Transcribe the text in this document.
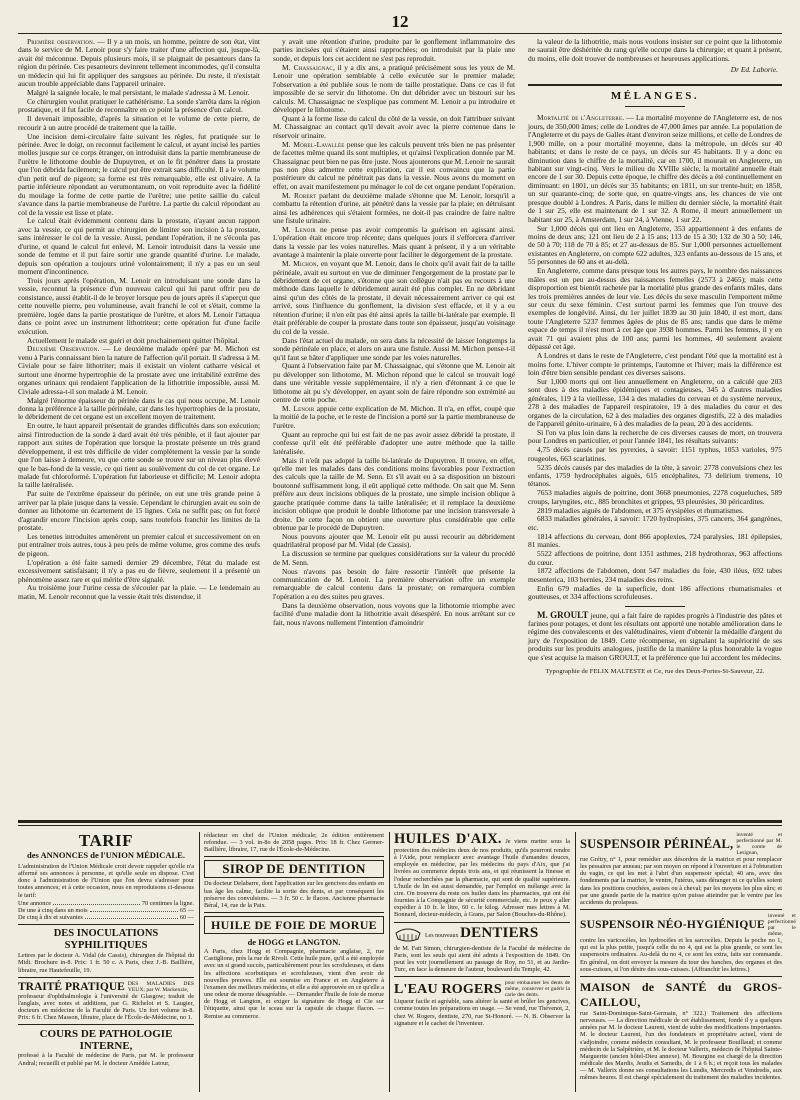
12

Première observation. — Il y a un mois, un homme, peintre de son état, vint dans le service de M. Lenoir pour s'y faire traiter d'une affection qui, jusque-là, avait été méconnue. Depuis plusieurs mois, il se plaignait de pesanteurs dans la région du périnée. Ces pesanteurs devinrent tellement incommodes, qu'il consulta un médecin qui lui fit appliquer des sangsues au périnée. Du reste, il n'existait aucun trouble appréciable dans l'appareil urinaire.

Malgré la saignée locale, le mal persistant, le malade s'adressa à M. Lenoir.

Ce chirurgien voulut pratiquer le cathétérisme. La sonde s'arrêta dans la région prostatique, et il fut facile de reconnaître en ce point la présence d'un calcul.

Il devenait impossible, d'après la situation et le volume de cette pierre, de recourir à un autre procédé de traitement que la taille.

Une incision demi-circulaire faite suivant les règles, fut pratiquée sur le périnée. Avec le doigt, on reconnut facilement le calcul, et ayant incisé les parties molles jusque sur ce corps étranger, on introduisit dans la partie membraneuse de l'urètre le lithotome double de Dupuytren, et on le fit pénétrer dans la prostate que l'on débrida facilement; le calcul put être extrait sans difficulté. Il a le volume d'un petit œuf de pigeon; sa forme est très remarquable, elle est olivaire. A la partie inférieure répondant au verumontanum, on voit reproduite avec la fidélité du moulage la forme de cette partie de l'urètre; une petite saillie du calcul s'avance dans la partie membraneuse de l'urètre. La partie du calcul répondant au col de la vessie est lisse et plate.

Le calcul était évidemment contenu dans la prostate, n'ayant aucun rapport avec la vessie, ce qui permit au chirurgien de limiter son incision à la prostate, sans intéresser le col de la vessie. Aussi, pendant l'opération, il ne s'écoula pas d'urine, et quand le calcul fut enlevé, M. Lenoir introduisit dans la vessie une sonde de femme et il put faire sortir une grande quantité d'urine. Le malade, depuis son opération a toujours uriné volontairement; il n'y a pas eu un seul moment d'incontinence.

Trois jours après l'opération, M. Lenoir en introduisant une sonde dans la vessie, reconnut la présence d'un nouveau calcul qui lui parut offrir peu de consistance, aussi établit-il de le broyer lorsque peu de jours après il s'aperçut que cette nouvelle pierre, peu volumineuse, avait franchi le col et s'était, comme la première, logée dans la partie prostatique de l'urètre, et alors M. Lenoir l'attaqua dans ce point avec un instrument lithotriteur; cette opération fut d'une facile exécution.

Actuellement le malade est guéri et doit prochainement quitter l'hôpital.

Deuxième Observation. — Le deuxième malade opéré par M. Michon est venu à Paris connaissant bien la nature de l'affection qu'il portait. Il s'adressa à M. Civiale pour se faire lithotriter; mais il existait un violent catharre vésical et surtout une énorme hypertrophie de la prostate avec une irritabilité extrême des organes urinaux qui rendaient l'application de la lithotritie impossible, aussi M. Civiale adressa-t-il son malade à M. Lenoir.

Malgré l'énorme épaisseur du périnée dans le cas qui nous occupe, M. Lenoir donna la préférence à la taille périnéale, car dans les hypertrophies de la prostate, le débridement de cet organe est un excellent moyen de traitement.

En outre, le haut appareil présentait de grandes difficultés dans son exécution; ainsi l'introduction de la sonde à dard avait été très pénible, et il faut ajouter par rapport aux suites de l'opération que lorsque la prostate présente un très grand développement, il est très difficile de vider complètement la vessie par la sonde que l'on laisse à demeure, vu que cette sonde se trouve sur un niveau plus élevé que le bas-fond de la vessie, ce qui tient au soulèvement du col de cet organe. Le malade fut chloroformé. L'opération fut laborieuse et difficile; M. Lenoir adopta la taille latéralisée.

Par suite de l'extrême épaisseur du périnée, on eut une très grande peine à arriver par la plaie jusque dans la vessie. Cependant le chirurgien avait eu soin de donner au lithotome un écartement de 15 lignes. Cela ne suffit pas; on fut forcé d'agrandir encore l'incision après coup, sans toutefois franchir les limites de la prostate.

Les tenettes introduites amenèrent un premier calcul et successivement on en put entraîner trois autres, tous à peu près de même volume, gros comme des œufs de pigeon.

L'opération a été faite samedi dernier 29 décembre, l'état du malade est excessivement satisfaisant; il n'y a pas eu de fièvre, seulement il a présenté un phénomène assez rare et qui mérite d'être signalé.

Au troisième jour l'urine cessa de s'écouler par la plaie. — Le lendemain au matin, M. Lenoir reconnut que la vessie était très distendue, il

y avait une rétention d'urine, produite par le gonflement inflammatoire des parties incisées qui s'étaient ainsi rapprochées; on introduisit par la plaie une sonde, et depuis lors cet accident ne s'est pas reproduit.

M. Chassaignac, il y a dix ans, a pratiqué précisément sous les yeux de M. Lenoir une opération semblable à celle exécutée sur le premier malade; l'observation a été publiée sous le nom de taille prostatique. Dans ce cas il fut impossible de se servir du lithotome. On dut débrider avec un bistouri sur les calculs. M. Chassaignac ne s'explique pas comment M. Lenoir a pu introduire et développer le lithotome.

Quant à la forme lisse du calcul du côté de la vessie, on doit l'attribuer suivant M. Chassaignac au contact qu'il devait avoir avec la pierre contenue dans le réservoir urinaire.

M. Morel-Lavallée pense que les calculs peuvent très bien ne pas présenter de facettes même quand ils sont multiples, et qu'ainsi l'explication donnée par M. Chassaignac peut bien ne pas être juste. Nous ajouterons que M. Lenoir ne saurait pas non plus admettre cette explication, car il est convaincu que la partie postérieure du calcul ne pénétrait pas dans la vessie. Nous avons du moment en effet, on avait manifestement pu ménager le col de cet organe pendant l'opération.

M. Robert parlant du deuxième malade s'étonne que M. Lenoir, lorsqu'il a combattu la rétention d'urine, ait pénétré dans la vessie par la plaie; en détruisant ainsi les adhérences qui s'étaient formées, ne doit-il pas craindre de faire naître une fistule urinaire.

M. Lenoir ne pense pas avoir compromis la guérison en agissant ainsi. L'opération était encore trop récente; dans quelques jours il s'efforcera d'arriver dans la vessie par les voies naturelles. Mais quant à présent, il y a un véritable avantage à maintenir la plaie ouverte pour faciliter le dégorgement de la prostate.

M. Michon, en voyant que M. Lenoir, dans le choix qu'il avait fait de la taille périnéale, avait eu surtout en vue de diminuer l'engorgement de la prostate par le débridement de cet organe, s'étonne que son collègue n'ait pas eu recours à une méthode dans laquelle le débridement aurait été plus complet. En ne débridant ainsi qu'un des côtés de la prostate, il devait nécessairement arriver ce qui est arrivé, sous l'influence du gonflement, la division s'est effacée, et il y a eu rétention d'urine; il n'en eût pas été ainsi après la taille bi-latérale par exemple. Il était préférable de couper la prostate dans toute son épaisseur, jusqu'au voisinage du col de la vessie.

Dans l'état actuel du malade, on sera dans la nécessité de laisser longtemps la sonde périnéale en place, et alors on aura une fistule. Aussi M. Michon pense-t-il qu'il faut se hâter d'appliquer une sonde par les voies naturelles.

Quant à l'observation faite par M. Chassaignac, qui s'étonne que M. Lenoir ait pu développer son lithotome, M. Michon répond que le calcul se trouvait logé dans une véritable vessie supplémentaire, il n'y a rien d'étonnant à ce que le lithotome ait pu s'y développer, en ayant soin de faire répondre son extrémité au centre de cette poche.

M. Lenoir appuie cette explication de M. Michon. Il n'a, en effet, coupé que la moitié de la poche, et le reste de l'incision a porté sur la partie membraneuse de l'urètre.

Quant au reproche qui lui est fait de ne pas avoir assez débridé la prostate, il confesse qu'il eût été préférable d'adopter une autre méthode que la taille latéralisée.

Mais il n'eût pas adopté la taille bi-latérale de Dupuytren. Il trouve, en effet, qu'elle met les malades dans des conditions moins favorables pour l'extraction des calculs que la taille de M. Senn. Et s'il avait eu à sa disposition un bistouri boutonné suffisamment long, il eût appliqué cette méthode. On sait que M. Senn préfère aux deux incisions obliques de la prostate, une simple incision oblique à gauche pratiquée comme dans la taille latéralisée; et il remplace la deuxième incision oblique que produit le double lithotome par une incision transversale à droite. De cette façon on obtient une ouverture plus considérable que celle obtenue par le procédé de Dupuytren.

Nous pouvons ajouter que M. Lenoir eût pu aussi recourir au débridement quadrilatéral proposé par M. Vidal (de Cassis).

La discussion se termine par quelques considérations sur la valeur du procédé de M. Senn.

Nous n'avons pas besoin de faire ressortir l'intérêt que présente la communication de M. Lenoir. La première observation offre un exemple remarquable de calcul contenu dans la prostate; on remarquera combien l'opération a eu des suites peu graves.

Dans la deuxième observation, nous voyons que la lithotomie triomphe avec facilité d'une maladie dont la lithotritie avait désespéré. En nous arrêtant sur ce fait, nous n'avons nullement l'intention d'amoindrir

la valeur de la lithotritie, mais nous voulons insister sur ce point que la lithotomie ne saurait être déshéritée du rang qu'elle occupe dans la chirurgie; et quant à présent, du moins, elle doit trouver de nombreuses et heureuses applications.

Dr Ed. Laborie.
MÉLANGES.

Mortalité de l'Angleterre. — La mortalité moyenne de l'Angleterre est, de nos jours, de 350,000 âmes; celle de Londres de 47,000 âmes par année. La population de l'Angleterre et du pays de Galles étant d'environ seize millions, et celle de Londres de 1,900 mille, on a pour mortalité moyenne, dans la métropole, un décès sur 40 habitants; et dans le reste de ce pays, un décès sur 45 habitants. Il y a donc eu diminution dans le chiffre de la mortalité, car en 1700, il mourait en Angleterre, un habitant sur vingt-cinq. Vers le milieu du XVIIIe siècle, la mortalité annuelle était encore de 1 sur 30. Depuis cette époque, le chiffre des décès a été continuellement en diminuant: en 1801, un décès sur 35 habitants; en 1811, un sur trente-huit; en 1858, un sur quarante-cinq; de sorte que, en quatre-vingts ans, les chances de vie ont presque doublé à Londres. A Paris, dans le milieu du dernier siècle, la mortalité était de 1 sur 25, elle est maintenant de 1 sur 32. A Rome, il meurt annuellement un habitant sur 25, à Amsterdam, 1 sur 24, à Vienne, 1 sur 22.

Sur 1,000 décès qui ont lieu en Angleterre, 353 appartiennent à des enfants de moins de deux ans; 121 ont lieu de 2 à 15 ans; 113 de 15 à 30; 132 de 30 à 50; 146, de 50 à 70; 118 de 70 à 85; et 27 au-dessus de 85. Sur 1,000 personnes actuellement existantes en Angleterre, on compte 622 adultes, 323 enfants au-dessous de 15 ans, et 55 personnes de 60 ans et au-delà.

En Angleterre, comme dans presque tous les autres pays, le nombre des naissances mâles est un peu au-dessus des naissances femelles (2573 à 2465); mais cette disproportion est bientôt rachetée par la mortalité plus grande des enfants mâles, dans les trois premières années de leur vie. Les décès du sexe masculin l'emportent même sur ceux du sexe féminin. C'est surtout parmi les femmes que l'on trouve des exemples de longévité. Ainsi, du 1er juillet 1839 au 30 juin 1840, il est mort, dans toute l'Angleterre 5237 femmes âgées de plus de 85 ans; tandis que dans le même espace de temps il n'est mort à cet âge que 3938 hommes. Parmi les femmes, il y en avait 71 qui avaient plus de 100 ans; parmi les hommes, 40 seulement avaient dépassé cet âge.

A Londres et dans le reste de l'Angleterre, c'est pendant l'été que la mortalité est à moins forte. L'hiver compte le printemps, l'automne et l'hiver; mais la différence est loin d'être bien sensible pendant ces diverses saisons.

Sur 1,000 morts qui ont lieu annuellement en Angleterre, on a calculé que 203 sont dues à des maladies épidémiques et contagieuses, 345 à d'autres maladies générales, 119 à la vieillesse, 134 à des maladies du cerveau et du système nerveux, 278 à des maladies de l'appareil respiratoire, 19 à des maladies du cœur et des organes de la circulation, 62 à des maladies des organes digestifs, 22 à des maladies de l'appareil génito-urinaire, 6 à des maladies de la peau, 20 à des accidents.

Si l'on va plus loin dans la recherche de ces diverses causes de mort, on trouvera pour Londres en particulier, et pour l'année 1841, les résultats suivants:

4,75 décès causés par les pyrexies, à savoir: 1151 typhus, 1053 varioles, 975 rougeoles, 663 scarlatines.

5235 décès causés par des maladies de la tête, à savoir: 2778 convulsions chez les enfants, 1759 hydrocéphales aiguës, 615 encéphalites, 73 delirium tremens, 10 tétanos.

7653 maladies aiguës de poitrine, dont 3668 pneumonies, 2278 coqueluches, 589 croups, laryngites, etc., 885 bronchites et grippes, 93 pleurésies, 30 péricardites.

2819 maladies aiguës de l'abdomen, et 375 érysipèles et rhumatismes.

6833 maladies générales, à savoir: 1720 hydropisies, 375 cancers, 364 gangrènes, etc.

1814 affections du cerveau, dont 866 apoplexies, 724 paralysies, 181 épilepsies, 81 manies.

5522 affections de poitrine, dont 1351 asthmes, 218 hydrothorax, 963 affections du cœur.

1872 affections de l'abdomen, dont 547 maladies du foie, 430 iléus, 692 tabes mesenterica, 103 hernies, 234 maladies des reins.

Enfin 679 maladies de la superficie, dont 186 affections rhumatismales et goutteuses, et 334 affections scrofuleuses.

M. GROULT jeune, qui a fait faire de rapides progrès à l'industrie des pâtes et farines pour potages, et dont les résultats ont apporté une notable amélioration dans le régime des convalescents et des valétudinaires, vient d'obtenir la médaille d'argent du jury de l'exposition de 1849. Cette récompense, en signalant la supériorité de ses produits sur les produits analogues, justifie de la manière la plus honorable la vogue que s'est acquise la maison GROULT, et la préférence que lui accordent les médecins.

Typographie de FELIX MALTESTE et Ce, rue des Deux-Portes-St-Sauveur, 22.
TARIF
des ANNONCES de l'UNION MÉDICALE.

L'administration de l'Union Médicale croit devoir rappeler qu'elle n'a affermé ses annonces à personne, et qu'elle seule en dispose. C'est donc à l'administration de l'Union que l'on devra s'adresser pour toutes annonces; et à cette occasion, nous en reproduisons ci-dessous le tarif:

Une annonce	70 centimes la ligne.
De une à cinq dans un mois	65 —
De cinq à dix et suivantes	60 —
DES INOCULATIONS SYPHILITIQUES

Lettres par le docteur A. Vidal (de Cassis), chirurgien de l'hôpital du Midi. Brochure in-8. Prix: 1 fr. 50 c. A Paris, chez J.-B. Baillière, libraire, rue Hautefeuille, 19.

TRAITÉ PRATIQUE DES MALADIES DES YEUX; par W. Mackenzie,

professeur d'ophthalmologie à l'université de Glasgow; traduit de l'anglais, avec notes et additions, par G. Richelot et S. Laugier, docteurs en médecine de la Faculté de Paris. Un fort volume in-8. Prix: 6 fr. Chez Masson, libraire, place de l'École-de-Médecine, no 1.

COURS DE PATHOLOGIE INTERNE,

professé à la Faculté de médecine de Paris, par M. le professeur Andral; recueilli et publié par M. le docteur Amédée Latour,

rédacteur en chef de l'Union médicale; 2e édition entièrement refondue. — 3 vol. in-8o de 2058 pages. Prix: 18 fr. Chez Germer-Baillière, libraire, 17, rue de l'École-de-Médecine.

SIROP DE DENTITION

Du docteur Delabarre, dont l'application sur les gencives des enfants en bas âge les calme, facilite la sortie des dents, et par conséquent les préserve des convulsions. — 3 fr. 50 c. le flacon. Ancienne pharmacie Béral, 14, rue de la Paix.

HUILE DE FOIE DE MORUE
de HOGG et LANGTON.

A Paris, chez Hogg et Compagnie, pharmacie anglaise, 2, rue Castiglione, près la rue de Rivoli. Cette huile pure, qu'il a été employée avec un si grand succès, particulièrement pour les scrofuleuses, et dans les affections scorbutiques et scrofuleuses, vient d'en avoir de nouvelles preuves. Elle est soumise en France et en Angleterre à l'examen des meilleurs médecins, et elle a été approuvée en ce qu'elle a une odeur de morue désagréable. — Demander l'huile de foie de morue de Hogg et Langton, et exiger la signature de Hogg et Cie sur l'étiquette, ainsi que le sceau sur la capsule de chaque flacon. — Remise au commerce.

HUILES D'AIX. Je viens mettre sous la protection des médecins deux de nos produits, qu'ils pourront rendre à l'Aide, pour remplacer avec avantage l'huile d'amandes douces, employée en médecine, par les médecins du pays d'Aix, que j'ai livrées au commerce depuis trois ans, et qui réunissent la finesse et l'odeur recherchées par la pharmacie, qui sont de qualité supérieure. L'huile de lin est aussi demandée, par l'emploi en mélange avec la cire. On trouvera du reste ces huiles dans les pharmacies, qui ont été fournies à la Compagnie de sécurité commerciale, etc. Je peux y aller expédier à 10 fr. le litre, 60 c. le kilog. Adresser mes lettres à M. Bonnard, docteur-médecin, à Grans, par Salon (Bouches-du-Rhône).

Les nouveaux DENTIERS

de M. Fatt Simon, chirurgien-dentiste de la Faculté de médecine de Paris, sont les seuls qui aient été admis à l'exposition de 1849. On peut les voir journellement au passage de Roy, no 51, et au Jardin-Turc, en face la demeure de l'auteur, boulevard du Temple, 42.

L'EAU ROGERS pour embaumer les dents de même, conserver et guérir la carie des dents.

Liqueur facile et agréable, sans altérer la santé et brûler les gencives, comme toutes les préparations en usage. — Se vend, rue Thévenot, 2, chez W. Rogers, dentiste, 270, rue St-Honoré. — N. B. Observer la signature et le cachet de l'inventeur.

SUSPENSOIR PÉRINÉAL,
inventé et perfectionné par M. le comte de Lesignan,

rue Grétry, n° 1, pour remédier aux désordres de la matrice et pour remplacer les pessaires par anneau; par son moyen on répond à l'ouverture et à l'obturation du vagin, ce qui les met à l'abri d'un suspensoir spécial; 40 ans, avec des fondements par la matrice, le ventre, l'utérus, sans déranger ni ce qu'elles soient dans les positions couchées, assises ou à cheval; par les moyens les plus sûrs; et par une grande partie de la matrice qu'on puisse atteindre par le ventre par les accidents du prolapsus.

SUSPENSOIR NÉO-HYGIÉNIQUE
inventé et perfectionné par le même,

contre les varicocèles, les hydrocèles et les sarcocèles. Depuis la poche no 1, qui est la plus petite, jusqu'à celle du no 4, qui est la plus grande, ce sont les suspensoirs ordinaires. Au-delà du no 4, ce sont les extra, faits sur commande. En général, on doit envoyer la mesure du tour des hanches, des organes et des sous-cuisses, si l'on désire des sous-cuisses. (Affranchir les lettres.)

MAISON de SANTÉ du GROS-CAILLOU,

rue Saint-Dominique-Saint-Germain, n° 322.) Traitement des affections nerveuses. — La direction médicale de cet établissement, fondé il y a quelques années par M. le docteur Laurent, vient de subir des modifications importantes. M. le docteur Laurent, l'un des fondateurs et propriétaire actuel, vient de s'adjoindre, comme médecin consultant, M. le professeur Bouillaud; et comme médecin de la Salpêtrière, et M. le docteur Vallerix, médecin de l'hôpital Sainte-Marguerite (ancien hôtel-Dieu annexe). M. Bourgine est chargé de la direction médicale des Mardis, Jeudis et Samedis, de 1 à 6 h.; et reçoit tous les malades — M. Vallerix donne ses consultations les Lundis, Mercredis et Vendredis, aux mêmes heures. Il est chargé spécialement du traitement des maladies incidentes.
